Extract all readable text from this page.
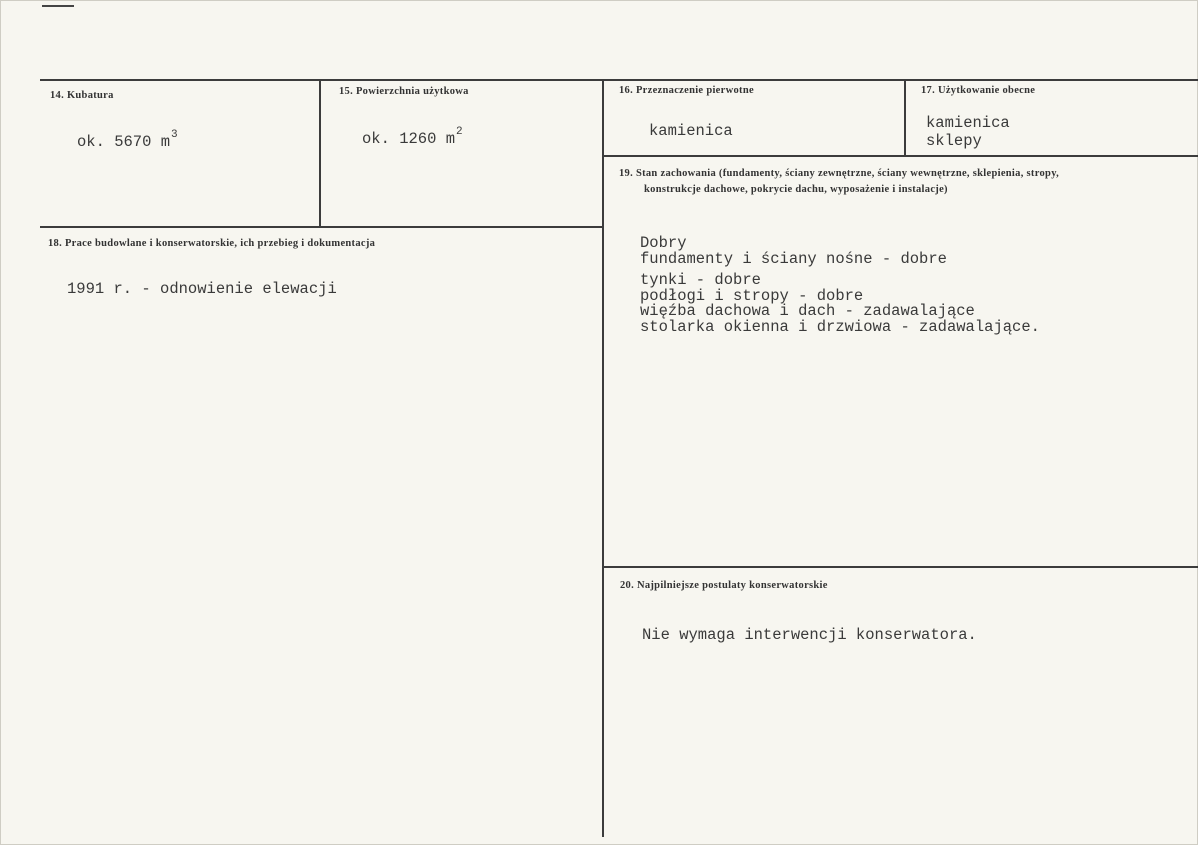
14. Kubatura
ok. 5670 $m^3$
15. Powierzchnia użytkowa
ok. 1260 $m^2$
16. Przeznaczenie pierwotne
kamienica
17. Użytkowanie obecne
kamienica
sklepy
19. Stan zachowania (fundamenty, ściany zewnętrzne, ściany wewnętrzne, sklepienia, stropy,
konstrukcje dachowe, pokrycie dachu, wyposażenie i instalacje)
Dobry
fundamenty i ściany nośne - dobre
tynki - dobre
podłogi i stropy - dobre
więźba dachowa i dach - zadawalające
stolarka okienna i drzwiowa - zadawalające.
18. Prace budowlane i konserwatorskie, ich przebieg i dokumentacja
1991 r. - odnowienie elewacji
20. Najpilniejsze postulaty konserwatorskie
Nie wymaga interwencji konserwatora.
